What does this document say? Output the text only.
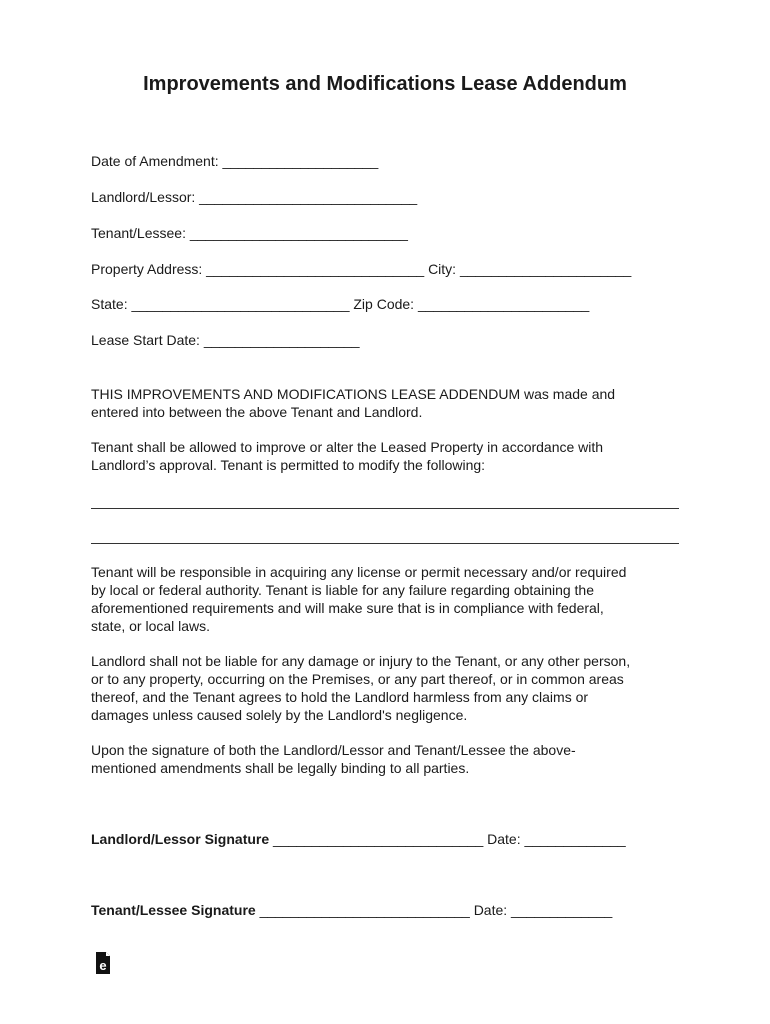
Improvements and Modifications Lease Addendum
Date of Amendment: ____________________
Landlord/Lessor: ____________________________
Tenant/Lessee: ____________________________
Property Address: ____________________________ City: ______________________
State: ____________________________ Zip Code: ______________________
Lease Start Date: ____________________

THIS IMPROVEMENTS AND MODIFICATIONS LEASE ADDENDUM was made and

entered into between the above Tenant and Landlord.

Tenant shall be allowed to improve or alter the Leased Property in accordance with

Landlord’s approval. Tenant is permitted to modify the following:

Tenant will be responsible in acquiring any license or permit necessary and/or required

by local or federal authority. Tenant is liable for any failure regarding obtaining the

aforementioned requirements and will make sure that is in compliance with federal,

state, or local laws.

Landlord shall not be liable for any damage or injury to the Tenant, or any other person,

or to any property, occurring on the Premises, or any part thereof, or in common areas

thereof, and the Tenant agrees to hold the Landlord harmless from any claims or

damages unless caused solely by the Landlord's negligence.

Upon the signature of both the Landlord/Lessor and Tenant/Lessee the above-

mentioned amendments shall be legally binding to all parties.

Landlord/Lessor Signature ___________________________ Date: _____________
Tenant/Lessee Signature ___________________________ Date: _____________
e
